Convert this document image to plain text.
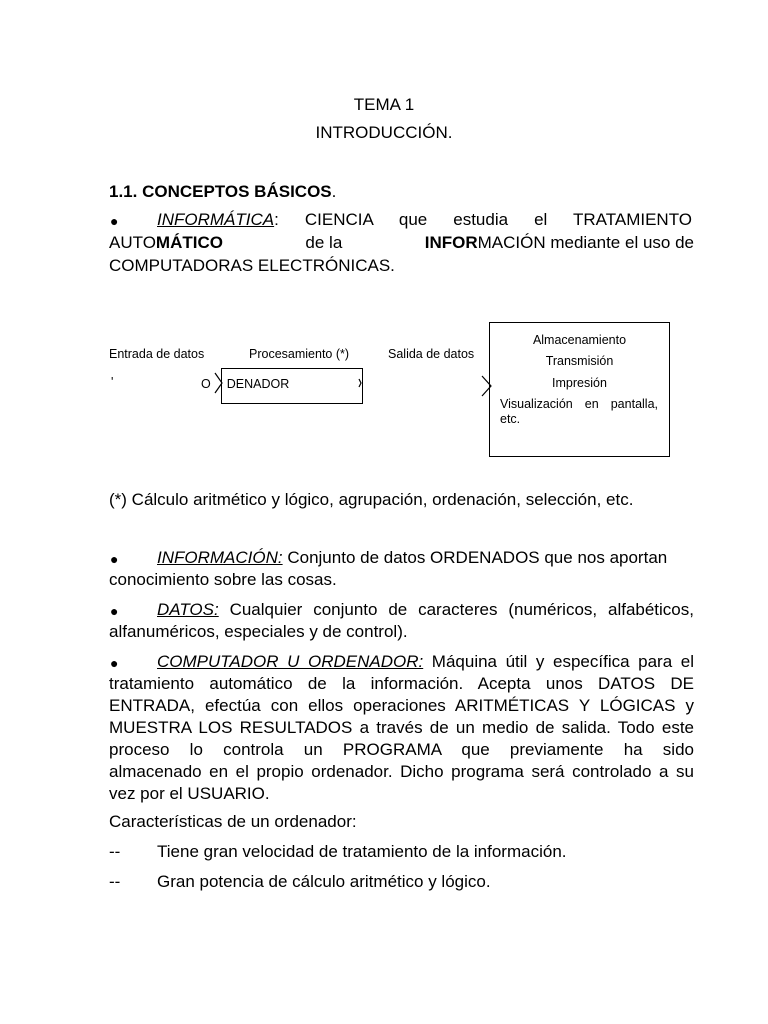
TEMA 1
INTRODUCCIÓN.
1.1. CONCEPTOS BÁSICOS.
● INFORMÁTICA: CIENCIA que estudia el TRATAMIENTO
AUTOMÁTICO	de la	INFORMACIÓN mediante el uso de
COMPUTADORAS ELECTRÓNICAS.
Entrada de datos	Procesamiento (*)	Salida de datos
'	O DENADOR
Almacenamiento
Transmisión
Impresión
Visualización en pantalla,
etc.
(*) Cálculo aritmético y lógico, agrupación, ordenación, selección, etc.
● INFORMACIÓN: Conjunto de datos ORDENADOS que nos aportan
conocimiento sobre las cosas.
● DATOS: Cualquier conjunto de caracteres (numéricos, alfabéticos,
alfanuméricos, especiales y de control).
● COMPUTADOR U ORDENADOR: Máquina útil y específica para el
tratamiento automático de la información. Acepta unos DATOS DE
ENTRADA, efectúa con ellos operaciones ARITMÉTICAS Y LÓGICAS y
MUESTRA LOS RESULTADOS a través de un medio de salida. Todo este
proceso lo controla un PROGRAMA que previamente ha sido
almacenado en el propio ordenador. Dicho programa será controlado a su
vez por el USUARIO.
Características de un ordenador:
-- Tiene gran velocidad de tratamiento de la información.
-- Gran potencia de cálculo aritmético y lógico.
